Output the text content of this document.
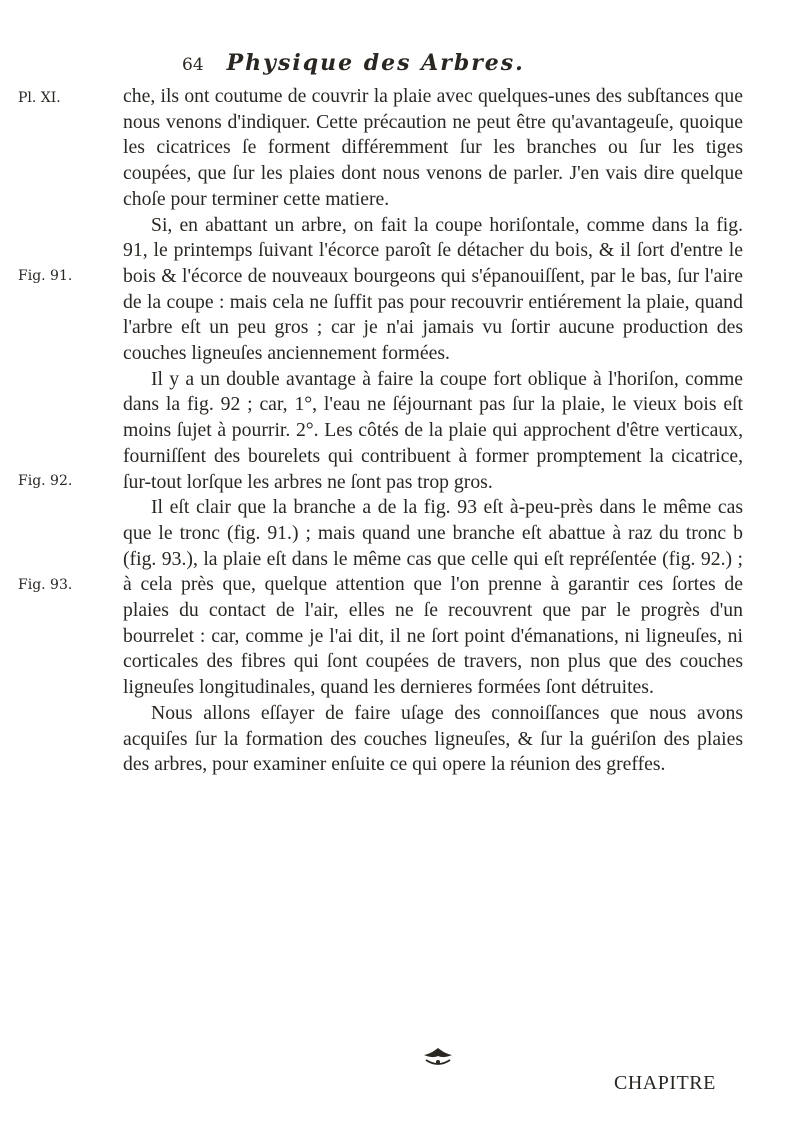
64 Physique des Arbres.
Pl. XI.
Fig. 91.
Fig. 92.
Fig. 93.

che, ils ont coutume de couvrir la plaie avec quelques-unes des subſtances que nous venons d'indiquer. Cette précaution ne peut être qu'avantageuſe, quoique les cicatrices ſe forment différemment ſur les branches ou ſur les tiges coupées, que ſur les plaies dont nous venons de parler. J'en vais dire quelque choſe pour terminer cette matiere.

Si, en abattant un arbre, on fait la coupe horiſontale, comme dans la fig. 91, le printemps ſuivant l'écorce paroît ſe détacher du bois, & il ſort d'entre le bois & l'écorce de nouveaux bourgeons qui s'épanouiſſent, par le bas, ſur l'aire de la coupe : mais cela ne ſuffit pas pour recouvrir entiérement la plaie, quand l'arbre eſt un peu gros ; car je n'ai jamais vu ſortir aucune production des couches ligneuſes anciennement formées.

Il y a un double avantage à faire la coupe fort oblique à l'horiſon, comme dans la fig. 92 ; car, 1°, l'eau ne ſéjournant pas ſur la plaie, le vieux bois eſt moins ſujet à pourrir. 2°. Les côtés de la plaie qui approchent d'être verticaux, fourniſſent des bourelets qui contribuent à former promptement la cicatrice, ſur-tout lorſque les arbres ne ſont pas trop gros.

Il eſt clair que la branche a de la fig. 93 eſt à-peu-près dans le même cas que le tronc (fig. 91.) ; mais quand une branche eſt abattue à raz du tronc b (fig. 93.), la plaie eſt dans le même cas que celle qui eſt repréſentée (fig. 92.) ; à cela près que, quelque attention que l'on prenne à garantir ces ſortes de plaies du contact de l'air, elles ne ſe recouvrent que par le progrès d'un bourrelet : car, comme je l'ai dit, il ne ſort point d'émanations, ni ligneuſes, ni corticales des fibres qui ſont coupées de travers, non plus que des couches ligneuſes longitudinales, quand les dernieres formées ſont détruites.

Nous allons eſſayer de faire uſage des connoiſſances que nous avons acquiſes ſur la formation des couches ligneuſes, & ſur la guériſon des plaies des arbres, pour examiner enſuite ce qui opere la réunion des greffes.

CHAPITRE
